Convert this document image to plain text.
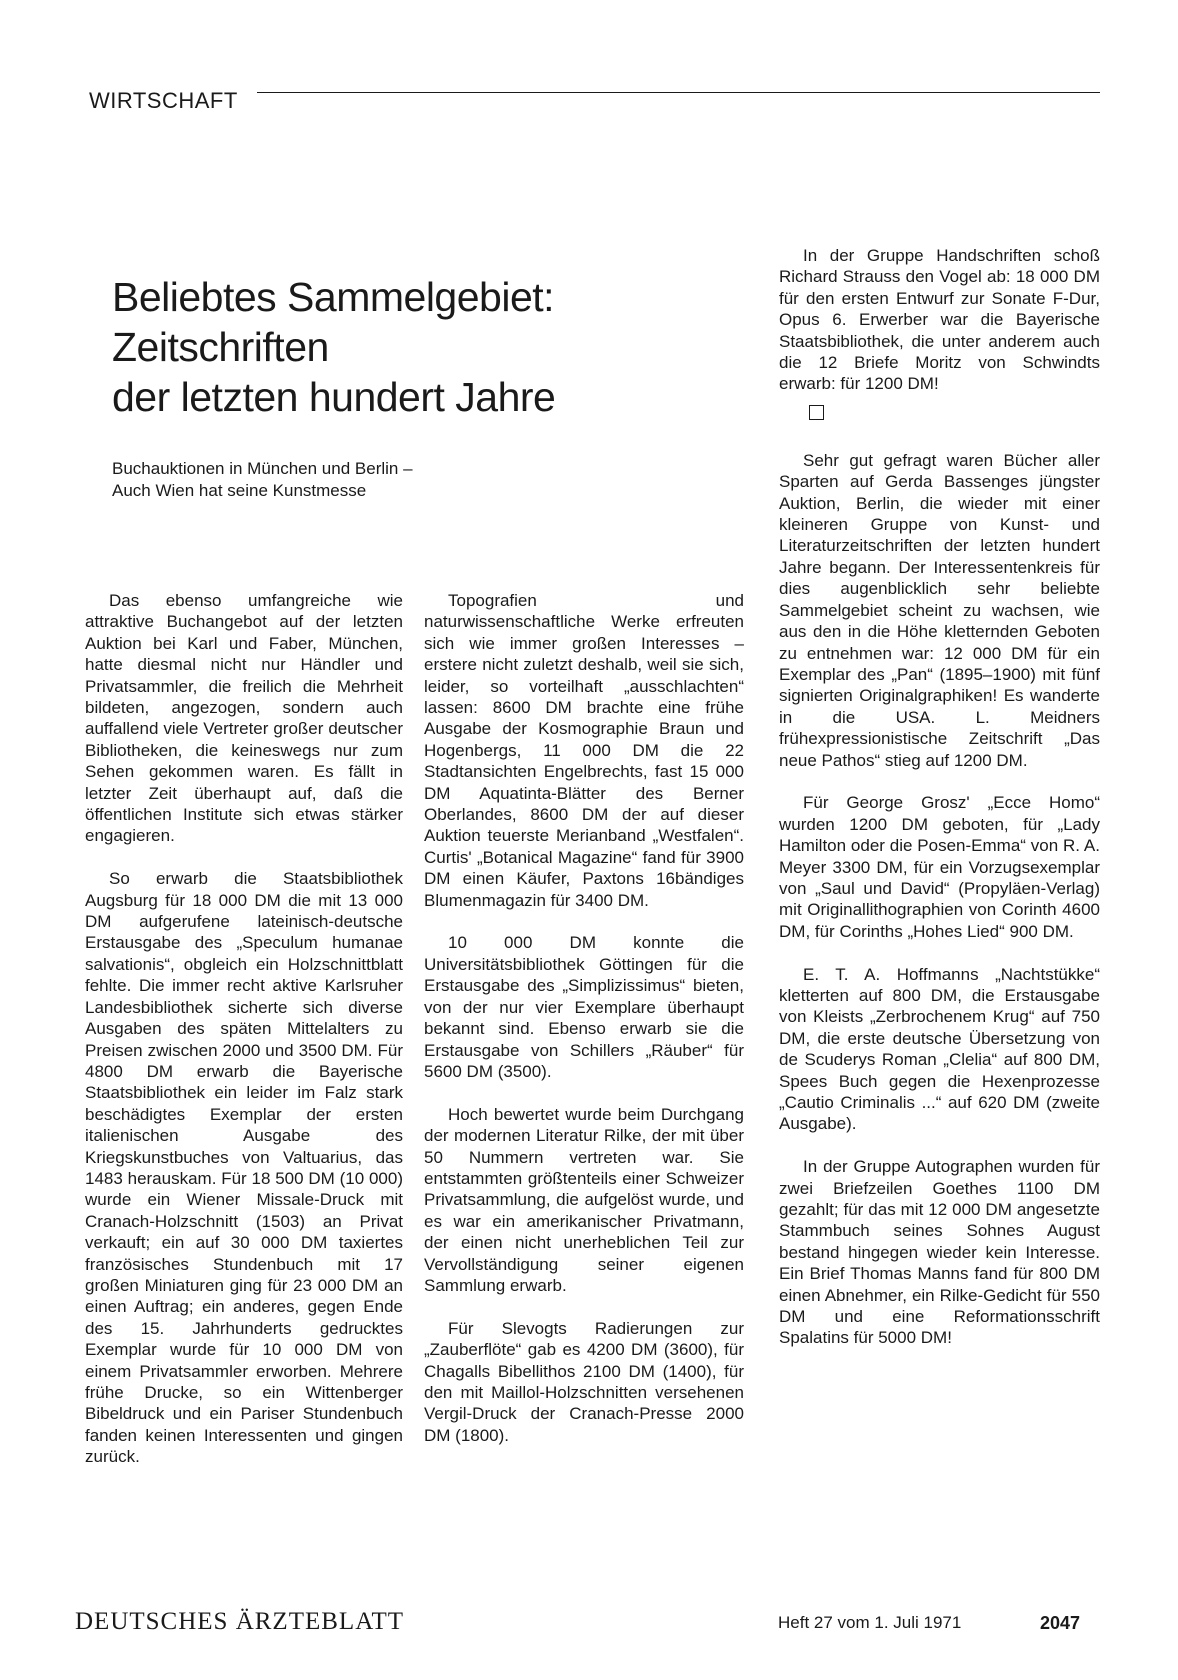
WIRTSCHAFT
Beliebtes Sammelgebiet:
Zeitschriften
der letzten hundert Jahre
Buchauktionen in München und Berlin –
Auch Wien hat seine Kunstmesse

Das ebenso umfangreiche wie attraktive Buchangebot auf der letzten Auktion bei Karl und Faber, München, hatte diesmal nicht nur Händler und Privatsammler, die freilich die Mehrheit bildeten, angezogen, sondern auch auffallend viele Vertreter großer deutscher Bibliotheken, die keineswegs nur zum Sehen gekommen waren. Es fällt in letzter Zeit überhaupt auf, daß die öffentlichen Institute sich etwas stärker engagieren.

So erwarb die Staatsbibliothek Augsburg für 18 000 DM die mit 13 000 DM aufgerufene lateinisch-deutsche Erstausgabe des „Speculum humanae salvationis“, obgleich ein Holzschnittblatt fehlte. Die immer recht aktive Karlsruher Landesbibliothek sicherte sich diverse Ausgaben des späten Mittelalters zu Preisen zwischen 2000 und 3500 DM. Für 4800 DM erwarb die Bayerische Staatsbibliothek ein leider im Falz stark beschädigtes Exemplar der ersten italienischen Ausgabe des Kriegskunstbuches von Valtuarius, das 1483 herauskam. Für 18 500 DM (10 000) wurde ein Wiener Missale-Druck mit Cranach-Holzschnitt (1503) an Privat verkauft; ein auf 30 000 DM taxiertes französisches Stundenbuch mit 17 großen Miniaturen ging für 23 000 DM an einen Auftrag; ein anderes, gegen Ende des 15. Jahrhunderts gedrucktes Exemplar wurde für 10 000 DM von einem Privatsammler erworben. Mehrere frühe Drucke, so ein Wittenberger Bibeldruck und ein Pariser Stundenbuch fanden keinen Interessenten und gingen zurück.

Topografien und naturwissenschaftliche Werke erfreuten sich wie immer großen Interesses – erstere nicht zuletzt deshalb, weil sie sich, leider, so vorteilhaft „ausschlachten“ lassen: 8600 DM brachte eine frühe Ausgabe der Kosmographie Braun und Hogenbergs, 11 000 DM die 22 Stadtansichten Engelbrechts, fast 15 000 DM Aquatinta-Blätter des Berner Oberlandes, 8600 DM der auf dieser Auktion teuerste Merianband „Westfalen“. Curtis' „Botanical Magazine“ fand für 3900 DM einen Käufer, Paxtons 16bändiges Blumenmagazin für 3400 DM.

10 000 DM konnte die Universitätsbibliothek Göttingen für die Erstausgabe des „Simplizissimus“ bieten, von der nur vier Exemplare überhaupt bekannt sind. Ebenso erwarb sie die Erstausgabe von Schillers „Räuber“ für 5600 DM (3500).

Hoch bewertet wurde beim Durchgang der modernen Literatur Rilke, der mit über 50 Nummern vertreten war. Sie entstammten größtenteils einer Schweizer Privatsammlung, die aufgelöst wurde, und es war ein amerikanischer Privatmann, der einen nicht unerheblichen Teil zur Vervollständigung seiner eigenen Sammlung erwarb.

Für Slevogts Radierungen zur „Zauberflöte“ gab es 4200 DM (3600), für Chagalls Bibellithos 2100 DM (1400), für den mit Maillol-Holzschnitten versehenen Vergil-Druck der Cranach-Presse 2000 DM (1800).

In der Gruppe Handschriften schoß Richard Strauss den Vogel ab: 18 000 DM für den ersten Entwurf zur Sonate F-Dur, Opus 6. Erwerber war die Bayerische Staatsbibliothek, die unter anderem auch die 12 Briefe Moritz von Schwindts erwarb: für 1200 DM!

Sehr gut gefragt waren Bücher aller Sparten auf Gerda Bassenges jüngster Auktion, Berlin, die wieder mit einer kleineren Gruppe von Kunst- und Literaturzeitschriften der letzten hundert Jahre begann. Der Interessentenkreis für dies augenblicklich sehr beliebte Sammelgebiet scheint zu wachsen, wie aus den in die Höhe kletternden Geboten zu entnehmen war: 12 000 DM für ein Exemplar des „Pan“ (1895–1900) mit fünf signierten Originalgraphiken! Es wanderte in die USA. L. Meidners frühexpressionistische Zeitschrift „Das neue Pathos“ stieg auf 1200 DM.

Für George Grosz' „Ecce Homo“ wurden 1200 DM geboten, für „Lady Hamilton oder die Posen-Emma“ von R. A. Meyer 3300 DM, für ein Vorzugsexemplar von „Saul und David“ (Propyläen-Verlag) mit Originallithographien von Corinth 4600 DM, für Corinths „Hohes Lied“ 900 DM.

E. T. A. Hoffmanns „Nachtstükke“ kletterten auf 800 DM, die Erstausgabe von Kleists „Zerbrochenem Krug“ auf 750 DM, die erste deutsche Übersetzung von de Scuderys Roman „Clelia“ auf 800 DM, Spees Buch gegen die Hexenprozesse „Cautio Criminalis ...“ auf 620 DM (zweite Ausgabe).

In der Gruppe Autographen wurden für zwei Briefzeilen Goethes 1100 DM gezahlt; für das mit 12 000 DM angesetzte Stammbuch seines Sohnes August bestand hingegen wieder kein Interesse. Ein Brief Thomas Manns fand für 800 DM einen Abnehmer, ein Rilke-Gedicht für 550 DM und eine Reformationsschrift Spalatins für 5000 DM!

DEUTSCHES ÄRZTEBLATT	Heft 27 vom 1. Juli 1971	2047
